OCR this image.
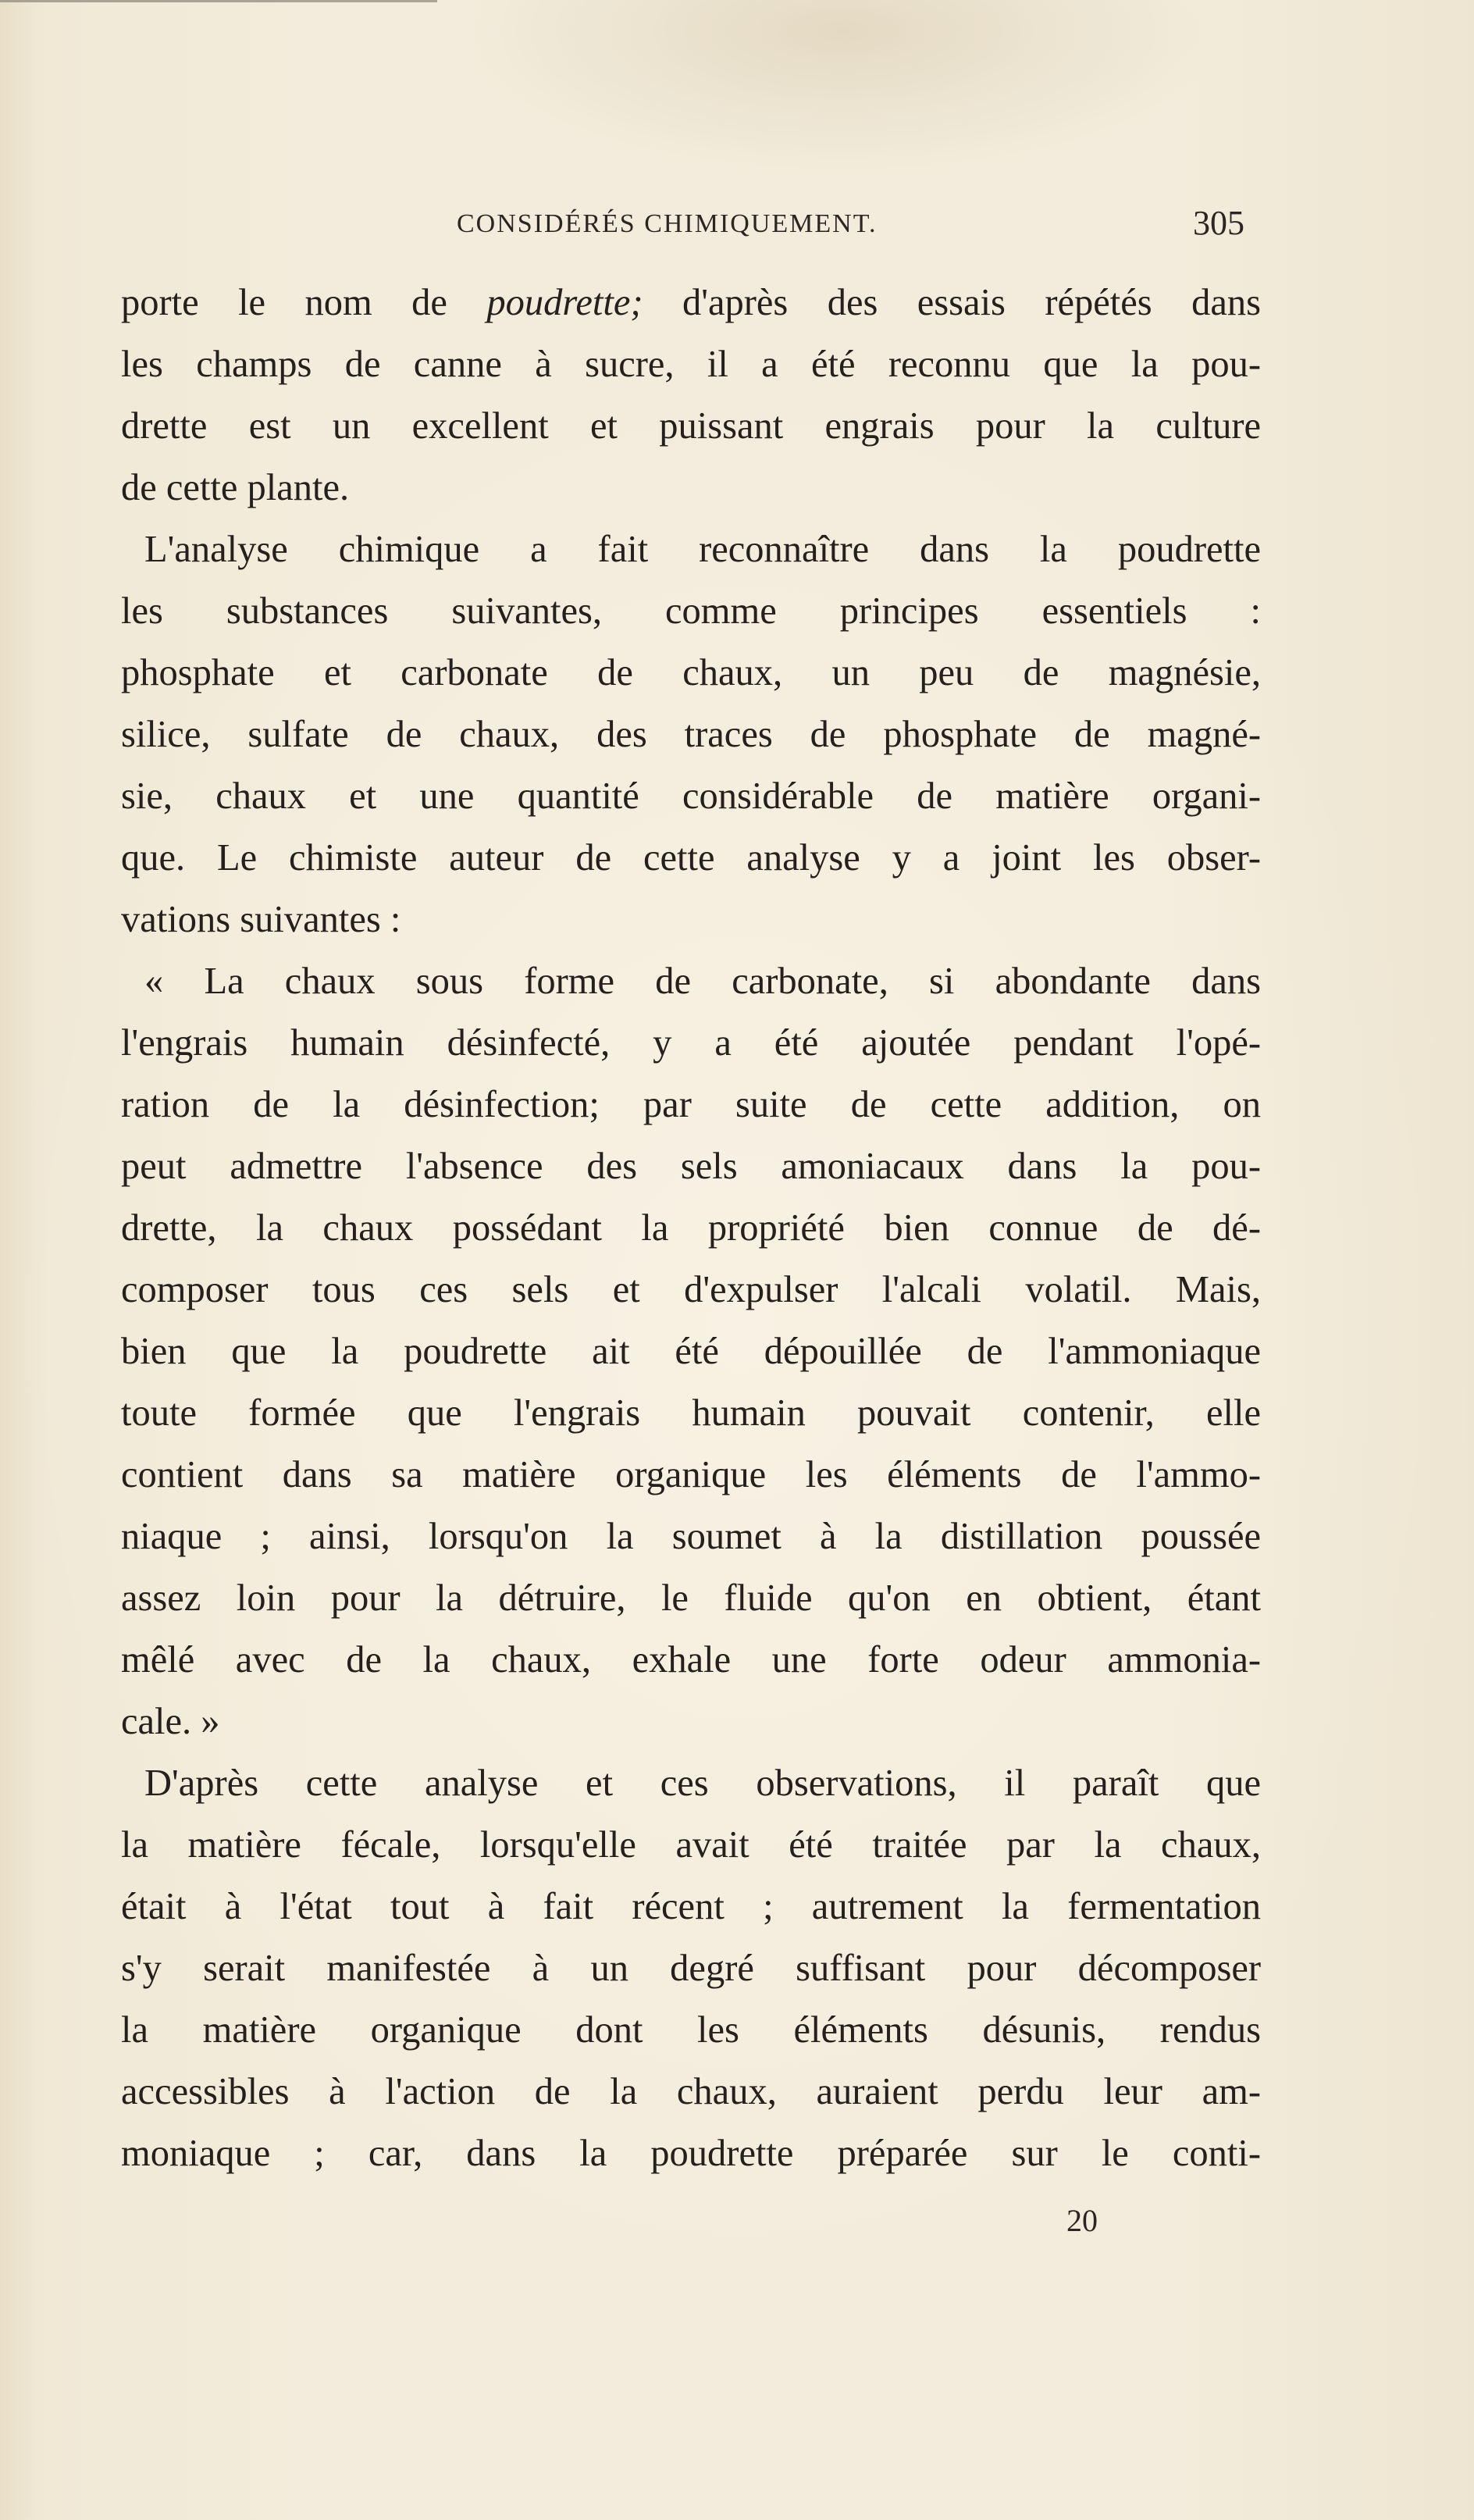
CONSIDÉRÉS CHIMIQUEMENT.	305
porte le nom de poudrette; d'après des essais répétés dans
les champs de canne à sucre, il a été reconnu que la pou-
drette est un excellent et puissant engrais pour la culture
de cette plante.
L'analyse chimique a fait reconnaître dans la poudrette
les substances suivantes, comme principes essentiels :
phosphate et carbonate de chaux, un peu de magnésie,
silice, sulfate de chaux, des traces de phosphate de magné-
sie, chaux et une quantité considérable de matière organi-
que. Le chimiste auteur de cette analyse y a joint les obser-
vations suivantes :
« La chaux sous forme de carbonate, si abondante dans
l'engrais humain désinfecté, y a été ajoutée pendant l'opé-
ration de la désinfection; par suite de cette addition, on
peut admettre l'absence des sels amoniacaux dans la pou-
drette, la chaux possédant la propriété bien connue de dé-
composer tous ces sels et d'expulser l'alcali volatil. Mais,
bien que la poudrette ait été dépouillée de l'ammoniaque
toute formée que l'engrais humain pouvait contenir, elle
contient dans sa matière organique les éléments de l'ammo-
niaque ; ainsi, lorsqu'on la soumet à la distillation poussée
assez loin pour la détruire, le fluide qu'on en obtient, étant
mêlé avec de la chaux, exhale une forte odeur ammonia-
cale. »
D'après cette analyse et ces observations, il paraît que
la matière fécale, lorsqu'elle avait été traitée par la chaux,
était à l'état tout à fait récent ; autrement la fermentation
s'y serait manifestée à un degré suffisant pour décomposer
la matière organique dont les éléments désunis, rendus
accessibles à l'action de la chaux, auraient perdu leur am-
moniaque ; car, dans la poudrette préparée sur le conti-
20
